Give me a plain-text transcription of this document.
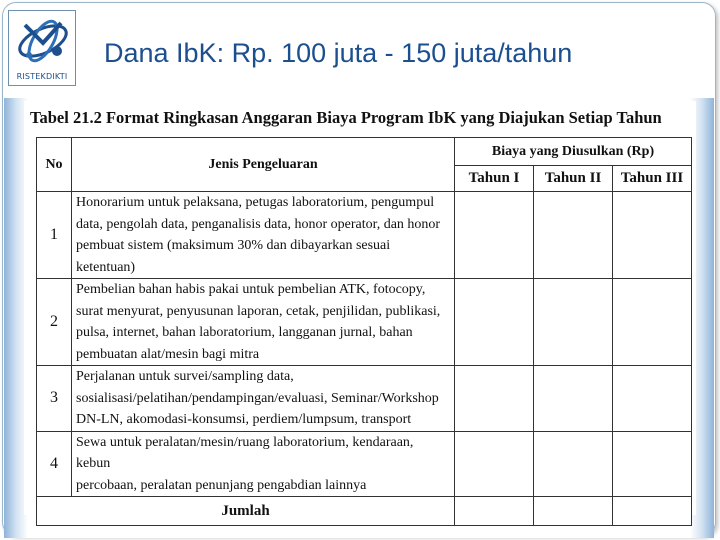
RISTEKDIKTI
Dana IbK: Rp. 100 juta - 150 juta/tahun
Tabel 21.2 Format Ringkasan Anggaran Biaya Program IbK yang Diajukan Setiap Tahun
No	Jenis Pengeluaran	Biaya yang Diusulkan (Rp)		
		Tahun I	Tahun II	Tahun III
1	Honorarium untuk pelaksana, petugas laboratorium, pengumpul
data, pengolah data, penganalisis data, honor operator, dan honor
pembuat sistem (maksimum 30% dan dibayarkan sesuai ketentuan)			

2	Pembelian bahan habis pakai untuk pembelian ATK, fotocopy,
surat menyurat, penyusunan laporan, cetak, penjilidan, publikasi,
pulsa, internet, bahan laboratorium, langganan jurnal, bahan
pembuatan alat/mesin bagi mitra			

3	Perjalanan untuk survei/sampling data,
sosialisasi/pelatihan/pendampingan/evaluasi, Seminar/Workshop
DN-LN, akomodasi-konsumsi, perdiem/lumpsum, transport			

4	Sewa untuk peralatan/mesin/ruang laboratorium, kendaraan, kebun
percobaan, peralatan penunjang pengabdian lainnya			

Jumlah				
